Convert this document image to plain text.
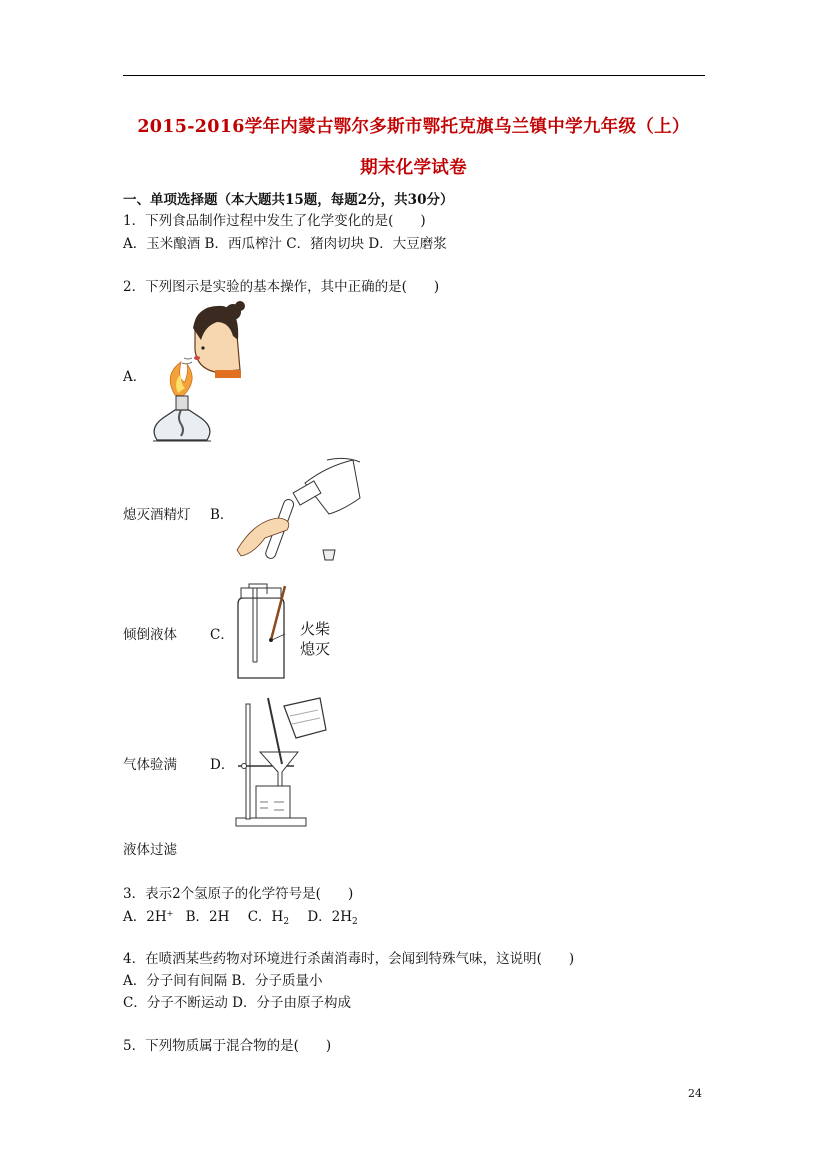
2015-2016学年内蒙古鄂尔多斯市鄂托克旗乌兰镇中学九年级（上）
期末化学试卷
一、单项选择题（本大题共15题，每题2分，共30分）
1．下列食品制作过程中发生了化学变化的是(　　)
A．玉米酿酒 B．西瓜榨汁 C．猪肉切块 D．大豆磨浆
2．下列图示是实验的基本操作，其中正确的是(　　)
A．
熄灭酒精灯 B．
倾倒液体 C．	火柴
熄灭
气体验满 D．
液体过滤
3．表示2个氢原子的化学符号是(　　)
A．2H+ B．2H C．$H_2$ D．$2H_2$
4．在喷洒某些药物对环境进行杀菌消毒时，会闻到特殊气味，这说明(　　)
A．分子间有间隔 B．分子质量小
C．分子不断运动 D．分子由原子构成
5．下列物质属于混合物的是(　　)
24
